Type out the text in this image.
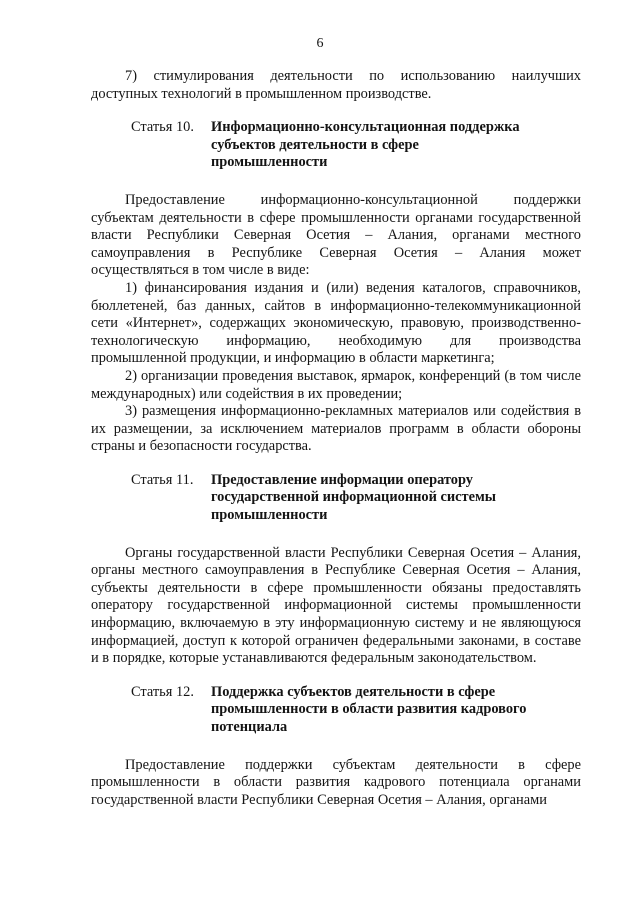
6

7) стимулирования деятельности по использованию наилучших доступных технологий в промышленном производстве.

Статья 10.	Информационно-консультационная поддержка субъектов деятельности в сфере промышленности

Предоставление информационно-консультационной поддержки субъектам деятельности в сфере промышленности органами государственной власти Республики Северная Осетия – Алания, органами местного самоуправления в Республике Северная Осетия – Алания может осуществляться в том числе в виде:

1) финансирования издания и (или) ведения каталогов, справочников, бюллетеней, баз данных, сайтов в информационно-телекоммуникационной сети «Интернет», содержащих экономическую, правовую, производственно-технологическую информацию, необходимую для производства промышленной продукции, и информацию в области маркетинга;

2) организации проведения выставок, ярмарок, конференций (в том числе международных) или содействия в их проведении;

3) размещения информационно-рекламных материалов или содействия в их размещении, за исключением материалов программ в области обороны страны и безопасности государства.

Статья 11.	Предоставление информации оператору государственной информационной системы промышленности

Органы государственной власти Республики Северная Осетия – Алания, органы местного самоуправления в Республике Северная Осетия – Алания, субъекты деятельности в сфере промышленности обязаны предоставлять оператору государственной информационной системы промышленности информацию, включаемую в эту информационную систему и не являющуюся информацией, доступ к которой ограничен федеральными законами, в составе и в порядке, которые устанавливаются федеральным законодательством.

Статья 12.	Поддержка субъектов деятельности в сфере промышленности в области развития кадрового потенциала

Предоставление поддержки субъектам деятельности в сфере промышленности в области развития кадрового потенциала органами государственной власти Республики Северная Осетия – Алания, органами
